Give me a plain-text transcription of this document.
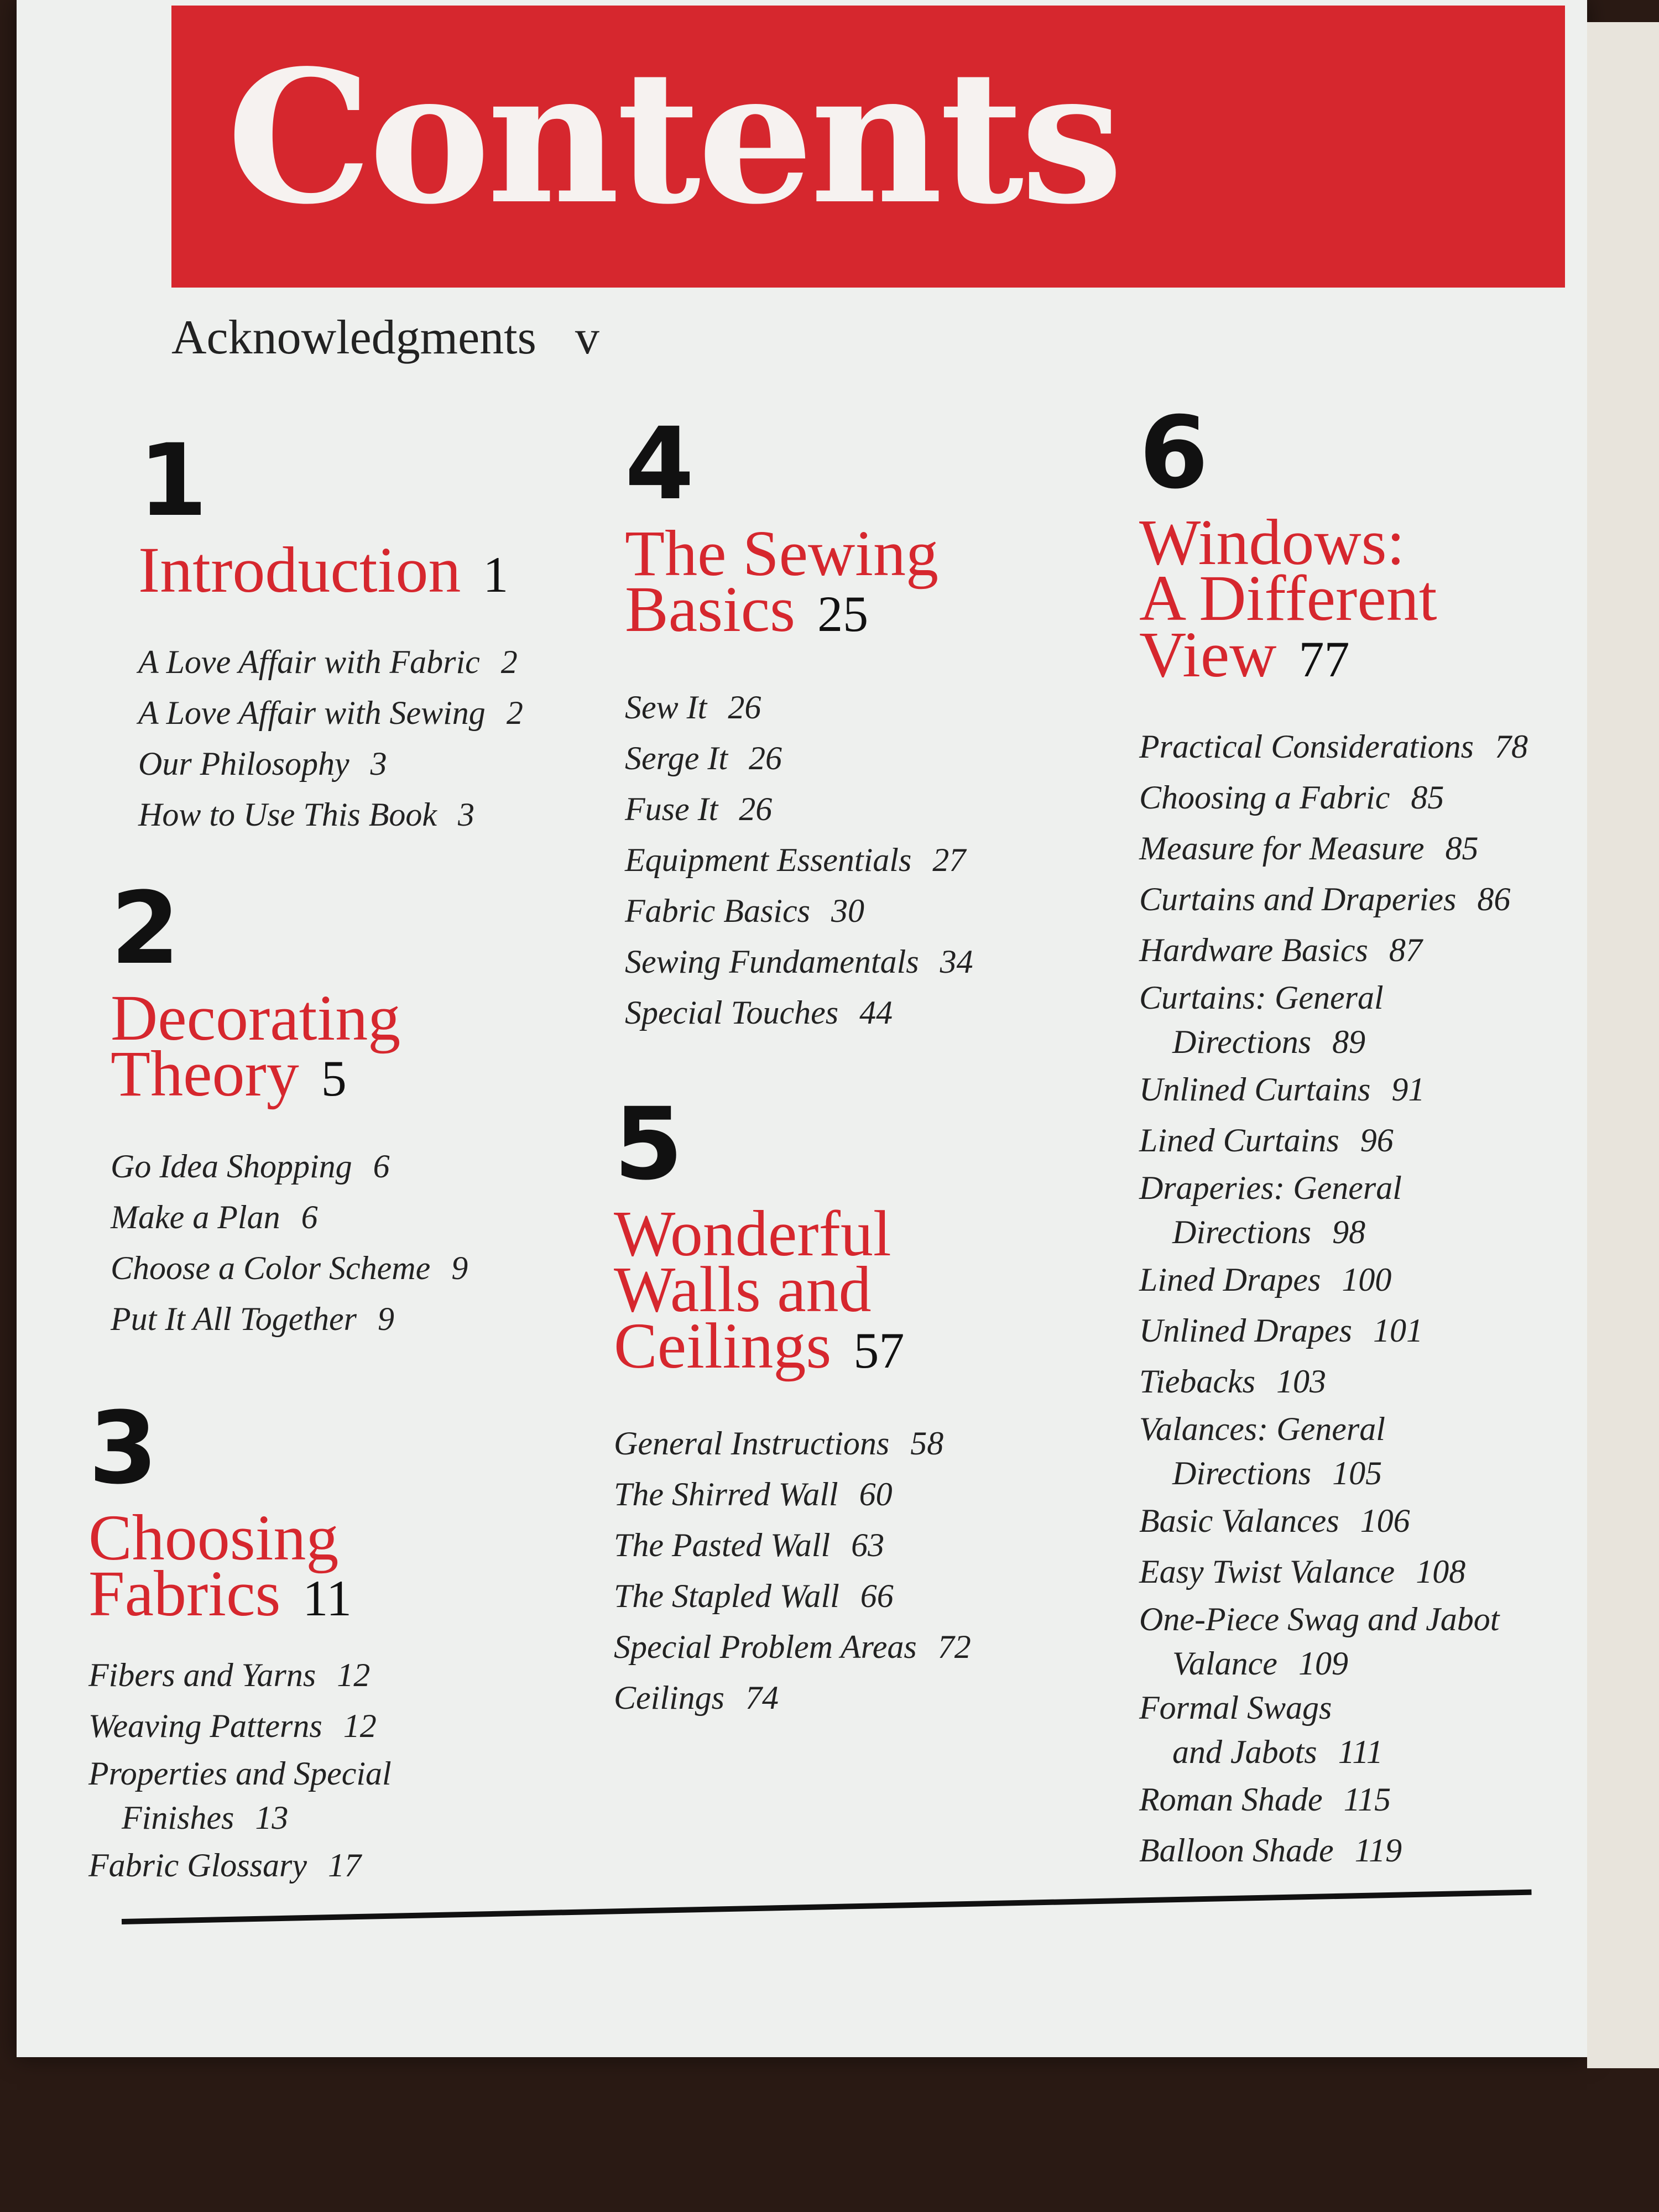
Contents
Acknowledgments v
1
Introduction 1
A Love Affair with Fabric 2
A Love Affair with Sewing 2
Our Philosophy 3
How to Use This Book 3
2
Decorating
Theory 5
Go Idea Shopping 6
Make a Plan 6
Choose a Color Scheme 9
Put It All Together 9
3
Choosing
Fabrics 11
Fibers and Yarns 12
Weaving Patterns 12
Properties and Special
Finishes 13
Fabric Glossary 17
4
The Sewing
Basics 25
Sew It 26
Serge It 26
Fuse It 26
Equipment Essentials 27
Fabric Basics 30
Sewing Fundamentals 34
Special Touches 44
5
Wonderful
Walls and
Ceilings 57
General Instructions 58
The Shirred Wall 60
The Pasted Wall 63
The Stapled Wall 66
Special Problem Areas 72
Ceilings 74
6
Windows:
A Different
View 77
Practical Considerations 78
Choosing a Fabric 85
Measure for Measure 85
Curtains and Draperies 86
Hardware Basics 87
Curtains: General
Directions 89
Unlined Curtains 91
Lined Curtains 96
Draperies: General
Directions 98
Lined Drapes 100
Unlined Drapes 101
Tiebacks 103
Valances: General
Directions 105
Basic Valances 106
Easy Twist Valance 108
One-Piece Swag and Jabot
Valance 109
Formal Swags
and Jabots 111
Roman Shade 115
Balloon Shade 119
